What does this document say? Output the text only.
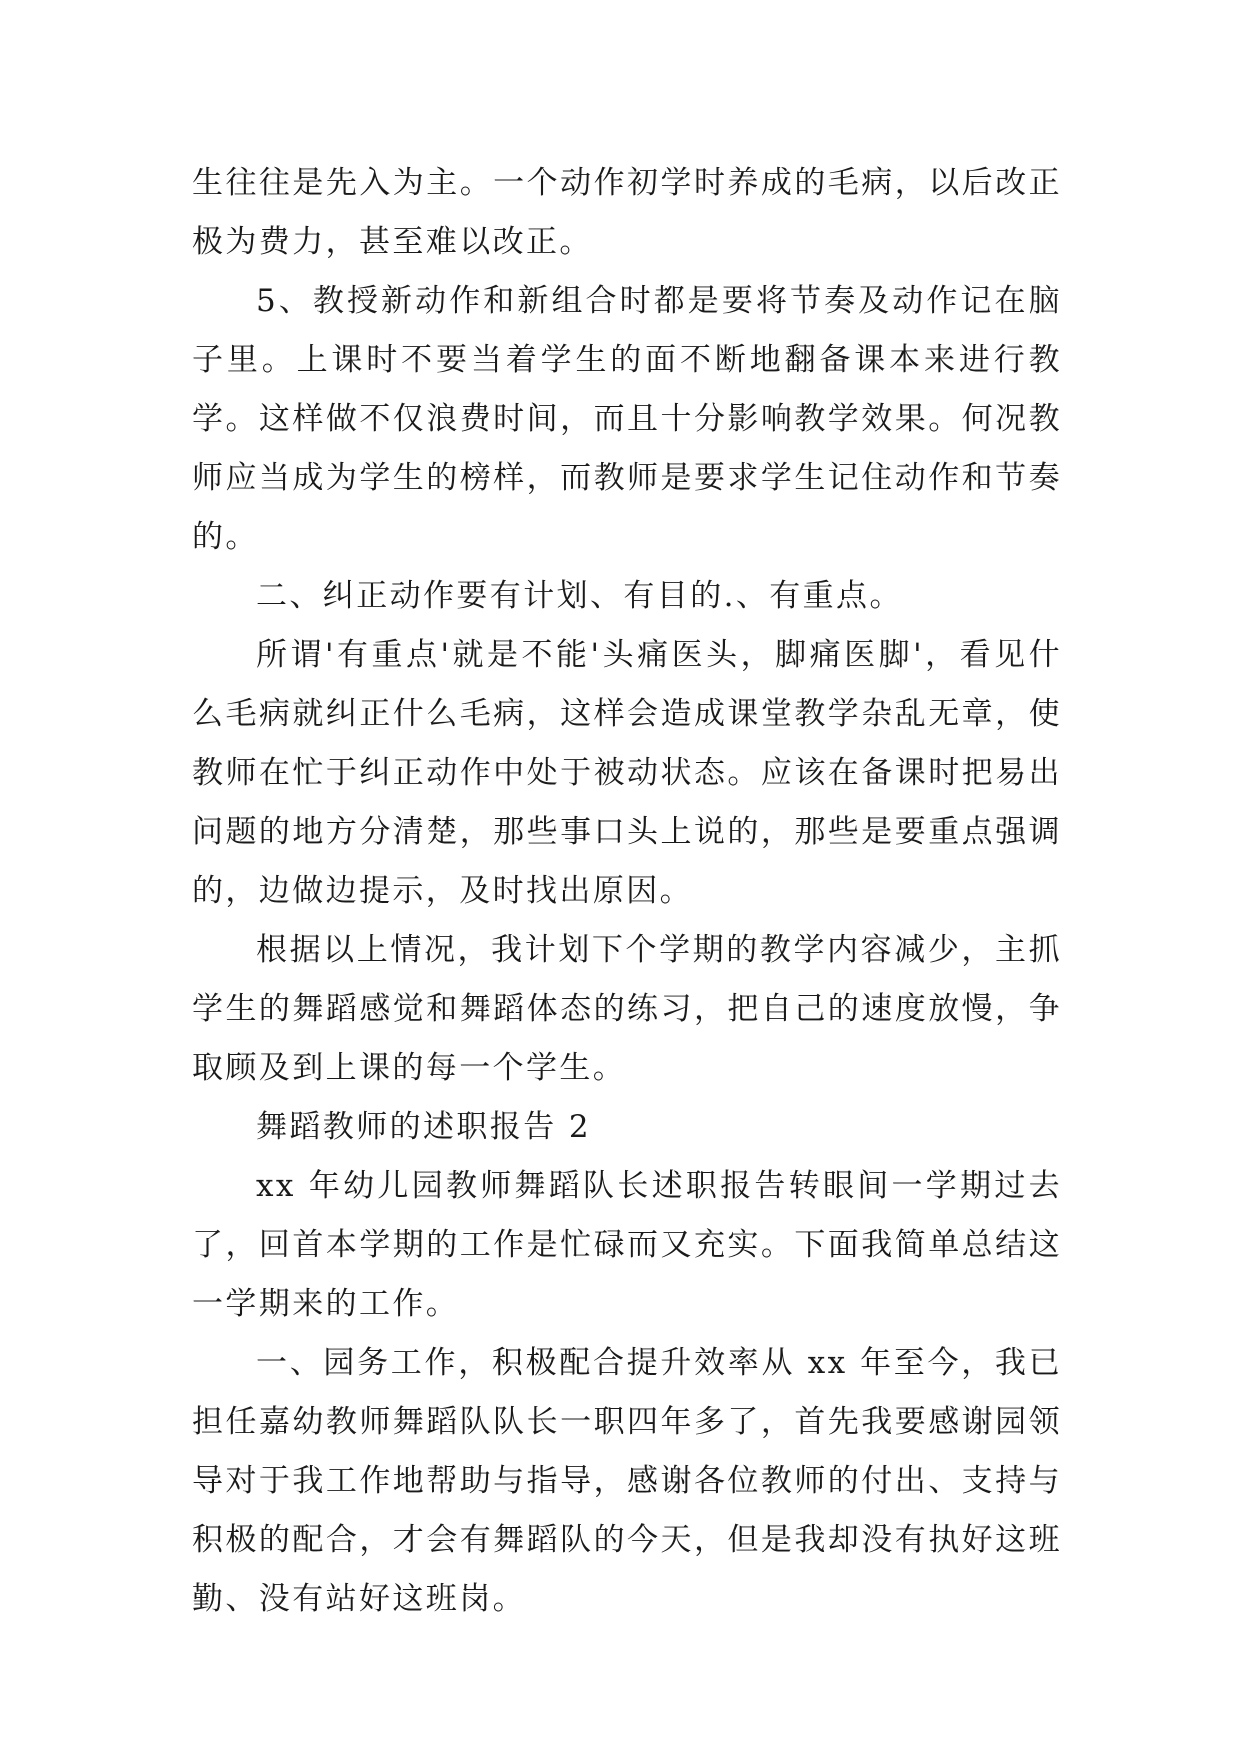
生往往是先入为主。一个动作初学时养成的毛病，以后改正极为费力，甚至难以改正。

5、教授新动作和新组合时都是要将节奏及动作记在脑子里。上课时不要当着学生的面不断地翻备课本来进行教学。这样做不仅浪费时间，而且十分影响教学效果。何况教师应当成为学生的榜样，而教师是要求学生记住动作和节奏的。

二、纠正动作要有计划、有目的.、有重点。

所谓'有重点'就是不能'头痛医头，脚痛医脚'，看见什么毛病就纠正什么毛病，这样会造成课堂教学杂乱无章，使教师在忙于纠正动作中处于被动状态。应该在备课时把易出问题的地方分清楚，那些事口头上说的，那些是要重点强调的，边做边提示，及时找出原因。

根据以上情况，我计划下个学期的教学内容减少，主抓学生的舞蹈感觉和舞蹈体态的练习，把自己的速度放慢，争取顾及到上课的每一个学生。

舞蹈教师的述职报告 2

xx 年幼儿园教师舞蹈队长述职报告转眼间一学期过去了，回首本学期的工作是忙碌而又充实。下面我简单总结这一学期来的工作。

一、园务工作，积极配合提升效率从 xx 年至今，我已担任嘉幼教师舞蹈队队长一职四年多了，首先我要感谢园领导对于我工作地帮助与指导，感谢各位教师的付出、支持与积极的配合，才会有舞蹈队的今天，但是我却没有执好这班勤、没有站好这班岗。
